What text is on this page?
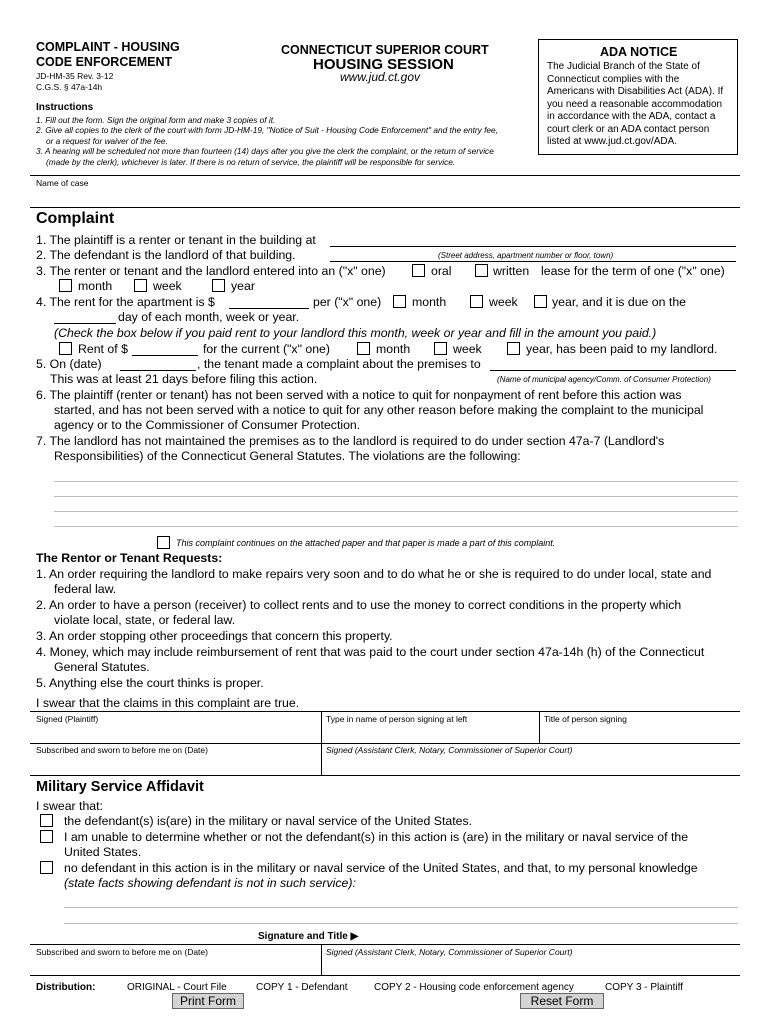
COMPLAINT - HOUSING
CODE ENFORCEMENT
JD-HM-35 Rev. 3-12
C.G.S. § 47a-14h
CONNECTICUT SUPERIOR COURT
HOUSING SESSION
www.jud.ct.gov
ADA NOTICE
The Judicial Branch of the State of
Connecticut complies with the
Americans with Disabilities Act (ADA). If
you need a reasonable accommodation
in accordance with the ADA, contact a
court clerk or an ADA contact person
listed at www.jud.ct.gov/ADA.
Instructions
1. Fill out the form. Sign the original form and make 3 copies of it.
2. Give all copies to the clerk of the court with form JD-HM-19, "Notice of Suit - Housing Code Enforcement" and the entry fee,
or a request for waiver of the fee.
3. A hearing will be scheduled not more than fourteen (14) days after you give the clerk the complaint, or the return of service
(made by the clerk), whichever is later. If there is no return of service, the plaintiff will be responsible for service.
Name of case
Complaint
1. The plaintiff is a renter or tenant in the building at
2. The defendant is the landlord of that building.	(Street address, apartment number or floor, town)
3. The renter or tenant and the landlord entered into an ("x" one)	oral	written lease for the term of one ("x" one)
month	week	year
4. The rent for the apartment is $	per ("x" one)	month	week	year, and it is due on the
day of each month, week or year.
(Check the box below if you paid rent to your landlord this month, week or year and fill in the amount you paid.)
Rent of $	for the current ("x" one)	month	week	year, has been paid to my landlord.
5. On (date)	, the tenant made a complaint about the premises to
This was at least 21 days before filing this action.	(Name of municipal agency/Comm. of Consumer Protection)
6. The plaintiff (renter or tenant) has not been served with a notice to quit for nonpayment of rent before this action was
started, and has not been served with a notice to quit for any other reason before making the complaint to the municipal
agency or to the Commissioner of Consumer Protection.
7. The landlord has not maintained the premises as to the landlord is required to do under section 47a-7 (Landlord's
Responsibilities) of the Connecticut General Statutes. The violations are the following:
This complaint continues on the attached paper and that paper is made a part of this complaint.
The Rentor or Tenant Requests:
1. An order requiring the landlord to make repairs very soon and to do what he or she is required to do under local, state and
federal law.
2. An order to have a person (receiver) to collect rents and to use the money to correct conditions in the property which
violate local, state, or federal law.
3. An order stopping other proceedings that concern this property.
4. Money, which may include reimbursement of rent that was paid to the court under section 47a-14h (h) of the Connecticut
General Statutes.
5. Anything else the court thinks is proper.
I swear that the claims in this complaint are true.
Signed (Plaintiff)	Type in name of person signing at left	Title of person signing
Subscribed and sworn to before me on (Date)	Signed (Assistant Clerk, Notary, Commissioner of Superior Court)
Military Service Affidavit
I swear that:
the defendant(s) is(are) in the military or naval service of the United States.
I am unable to determine whether or not the defendant(s) in this action is (are) in the military or naval service of the
United States.
no defendant in this action is in the military or naval service of the United States, and that, to my personal knowledge
(state facts showing defendant is not in such service):
Signature and Title ▶
Subscribed and sworn to before me on (Date)	Signed (Assistant Clerk, Notary, Commissioner of Superior Court)
Distribution:	ORIGINAL - Court File	COPY 1 - Defendant	COPY 2 - Housing code enforcement agency	COPY 3 - Plaintiff
Print Form	Reset Form
